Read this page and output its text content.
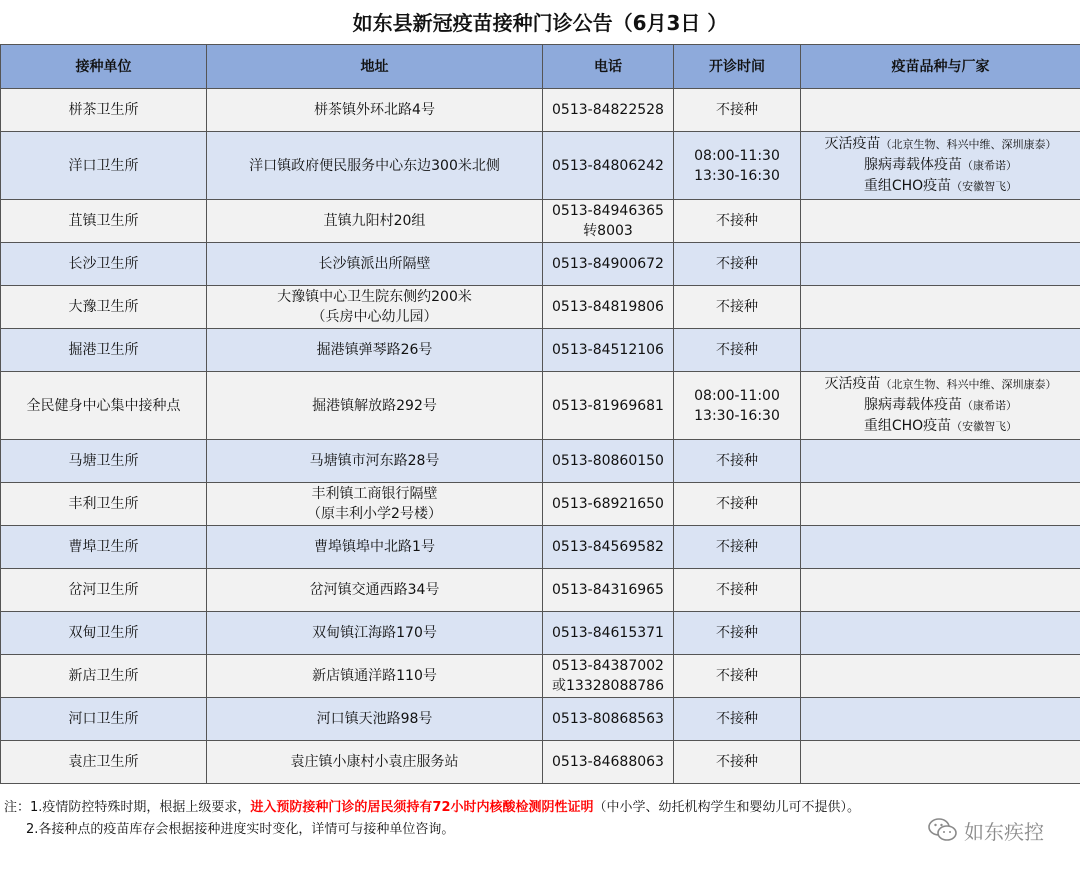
如东县新冠疫苗接种门诊公告（6月3日 ）
接种单位	地址	电话	开诊时间	疫苗品种与厂家
栟茶卫生所	栟茶镇外环北路4号	0513-84822528	不接种	

洋口卫生所	洋口镇政府便民服务中心东边300米北侧	0513-84806242	08:00-11:30
13:30-16:30	灭活疫苗（北京生物、科兴中维、深圳康泰）
腺病毒载体疫苗（康希诺）
重组CHO疫苗（安徽智飞）

苴镇卫生所	苴镇九阳村20组	0513-84946365
转8003	不接种	

长沙卫生所	长沙镇派出所隔壁	0513-84900672	不接种	

大豫卫生所	大豫镇中心卫生院东侧约200米
（兵房中心幼儿园）	0513-84819806	不接种	

掘港卫生所	掘港镇弹琴路26号	0513-84512106	不接种	

全民健身中心集中接种点	掘港镇解放路292号	0513-81969681	08:00-11:00
13:30-16:30	灭活疫苗（北京生物、科兴中维、深圳康泰）
腺病毒载体疫苗（康希诺）
重组CHO疫苗（安徽智飞）

马塘卫生所	马塘镇市河东路28号	0513-80860150	不接种	

丰利卫生所	丰利镇工商银行隔壁
（原丰利小学2号楼）	0513-68921650	不接种	

曹埠卫生所	曹埠镇埠中北路1号	0513-84569582	不接种	

岔河卫生所	岔河镇交通西路34号	0513-84316965	不接种	

双甸卫生所	双甸镇江海路170号	0513-84615371	不接种	

新店卫生所	新店镇通洋路110号	0513-84387002
或13328088786	不接种	

河口卫生所	河口镇天池路98号	0513-80868563	不接种	

袁庄卫生所	袁庄镇小康村小袁庄服务站	0513-84688063	不接种	

注：1.疫情防控特殊时期，根据上级要求，进入预防接种门诊的居民须持有72小时内核酸检测阴性证明（中小学、幼托机构学生和婴幼儿可不提供）。
2.各接种点的疫苗库存会根据接种进度实时变化，详情可与接种单位咨询。	如东疾控
